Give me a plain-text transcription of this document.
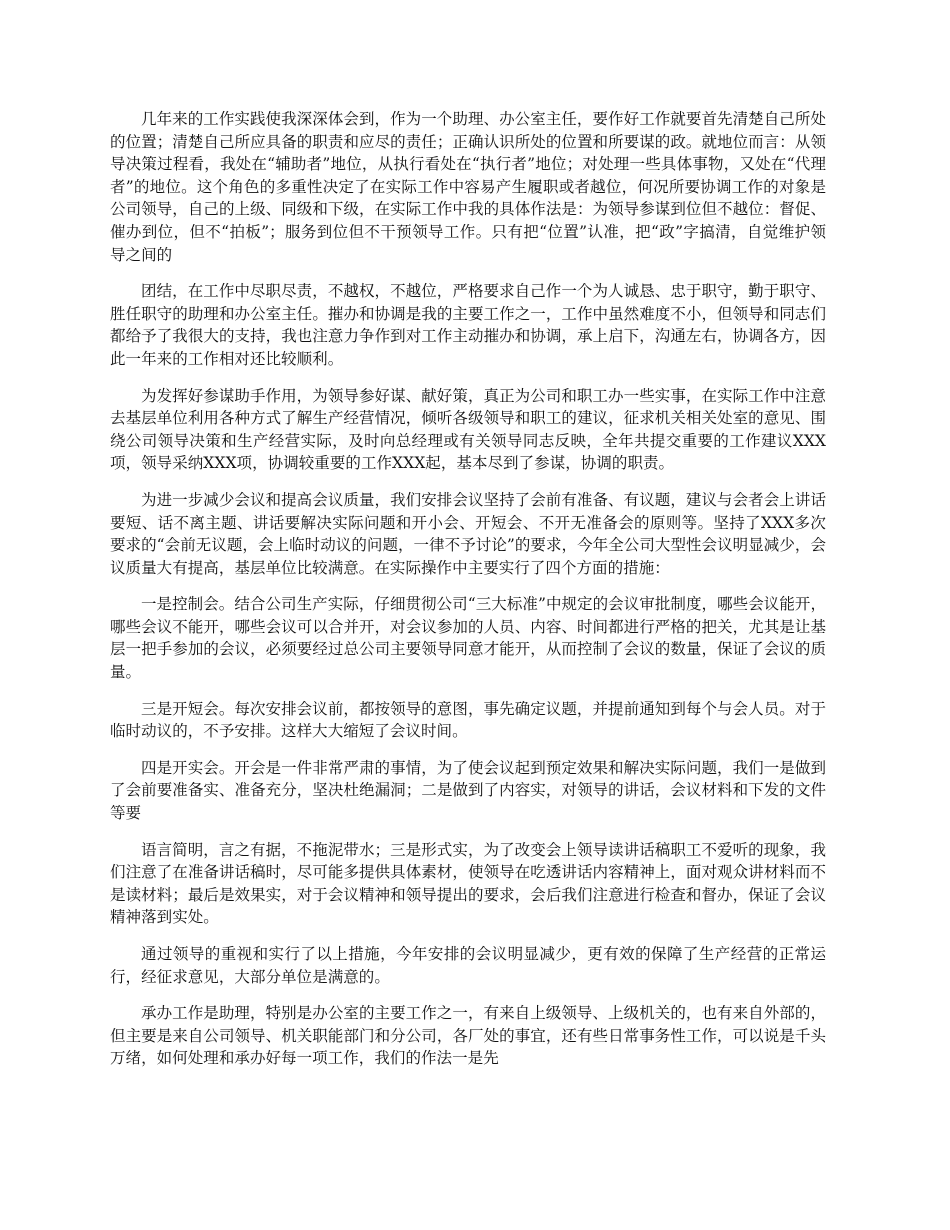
几年来的工作实践使我深深体会到，作为一个助理、办公室主任，要作好工作就要首先清楚自己所处的位置；清楚自己所应具备的职责和应尽的责任；正确认识所处的位置和所要谋的政。就地位而言：从领导决策过程看，我处在“辅助者”地位，从执行看处在“执行者”地位；对处理一些具体事物，又处在“代理者”的地位。这个角色的多重性决定了在实际工作中容易产生履职或者越位，何况所要协调工作的对象是公司领导，自己的上级、同级和下级，在实际工作中我的具体作法是：为领导参谋到位但不越位：督促、催办到位，但不“拍板”；服务到位但不干预领导工作。只有把“位置”认准，把“政”字搞清，自觉维护领导之间的

团结，在工作中尽职尽责，不越权，不越位，严格要求自己作一个为人诚恳、忠于职守，勤于职守、胜任职守的助理和办公室主任。摧办和协调是我的主要工作之一，工作中虽然难度不小，但领导和同志们都给予了我很大的支持，我也注意力争作到对工作主动摧办和协调，承上启下，沟通左右，协调各方，因此一年来的工作相对还比较顺利。

为发挥好参谋助手作用，为领导参好谋、献好策，真正为公司和职工办一些实事，在实际工作中注意去基层单位利用各种方式了解生产经营情况，倾听各级领导和职工的建议，征求机关相关处室的意见、围绕公司领导决策和生产经营实际，及时向总经理或有关领导同志反映，全年共提交重要的工作建议XXX项，领导采纳XXX项，协调较重要的工作XXX起，基本尽到了参谋，协调的职责。

为进一步减少会议和提高会议质量，我们安排会议坚持了会前有准备、有议题，建议与会者会上讲话要短、话不离主题、讲话要解决实际问题和开小会、开短会、不开无准备会的原则等。坚持了XXX多次要求的“会前无议题，会上临时动议的问题，一律不予讨论”的要求，今年全公司大型性会议明显减少，会议质量大有提高，基层单位比较满意。在实际操作中主要实行了四个方面的措施：

一是控制会。结合公司生产实际，仔细贯彻公司“三大标准”中规定的会议审批制度，哪些会议能开，哪些会议不能开，哪些会议可以合并开，对会议参加的人员、内容、时间都进行严格的把关，尤其是让基层一把手参加的会议，必须要经过总公司主要领导同意才能开，从而控制了会议的数量，保证了会议的质量。

三是开短会。每次安排会议前，都按领导的意图，事先确定议题，并提前通知到每个与会人员。对于临时动议的，不予安排。这样大大缩短了会议时间。

四是开实会。开会是一件非常严肃的事情，为了使会议起到预定效果和解决实际问题，我们一是做到了会前要准备实、准备充分，坚决杜绝漏洞；二是做到了内容实，对领导的讲话，会议材料和下发的文件等要

语言简明，言之有据，不拖泥带水；三是形式实，为了改变会上领导读讲话稿职工不爱听的现象，我们注意了在准备讲话稿时，尽可能多提供具体素材，使领导在吃透讲话内容精神上，面对观众讲材料而不是读材料；最后是效果实，对于会议精神和领导提出的要求，会后我们注意进行检查和督办，保证了会议精神落到实处。

通过领导的重视和实行了以上措施，今年安排的会议明显减少，更有效的保障了生产经营的正常运行，经征求意见，大部分单位是满意的。

承办工作是助理，特别是办公室的主要工作之一，有来自上级领导、上级机关的，也有来自外部的，但主要是来自公司领导、机关职能部门和分公司，各厂处的事宜，还有些日常事务性工作，可以说是千头万绪，如何处理和承办好每一项工作，我们的作法一是先
